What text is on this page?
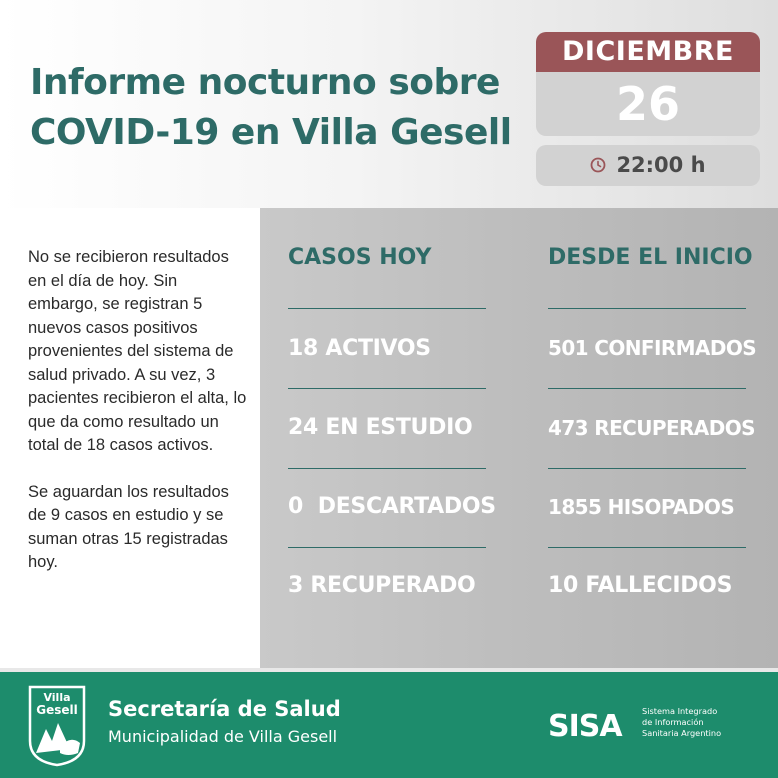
Informe nocturno sobre
COVID-19 en Villa Gesell
DICIEMBRE
26
22:00 h

No se recibieron resultados en el día de hoy. Sin embargo, se registran 5 nuevos casos positivos provenientes del sistema de salud privado. A su vez, 3 pacientes recibieron el alta, lo que da como resultado un total de 18 casos activos.

Se aguardan los resultados de 9 casos en estudio y se suman otras 15 registradas hoy.

CASOS HOY	DESDE EL INICIO
18 ACTIVOS
24 EN ESTUDIO
0  DESCARTADOS
3 RECUPERADO
501 CONFIRMADOS
473 RECUPERADOS
1855 HISOPADOS
10 FALLECIDOS
Villa
Gesell Secretaría de Salud
Municipalidad de Villa Gesell	SISA Sistema Integrado
de Información
Sanitaria Argentino
